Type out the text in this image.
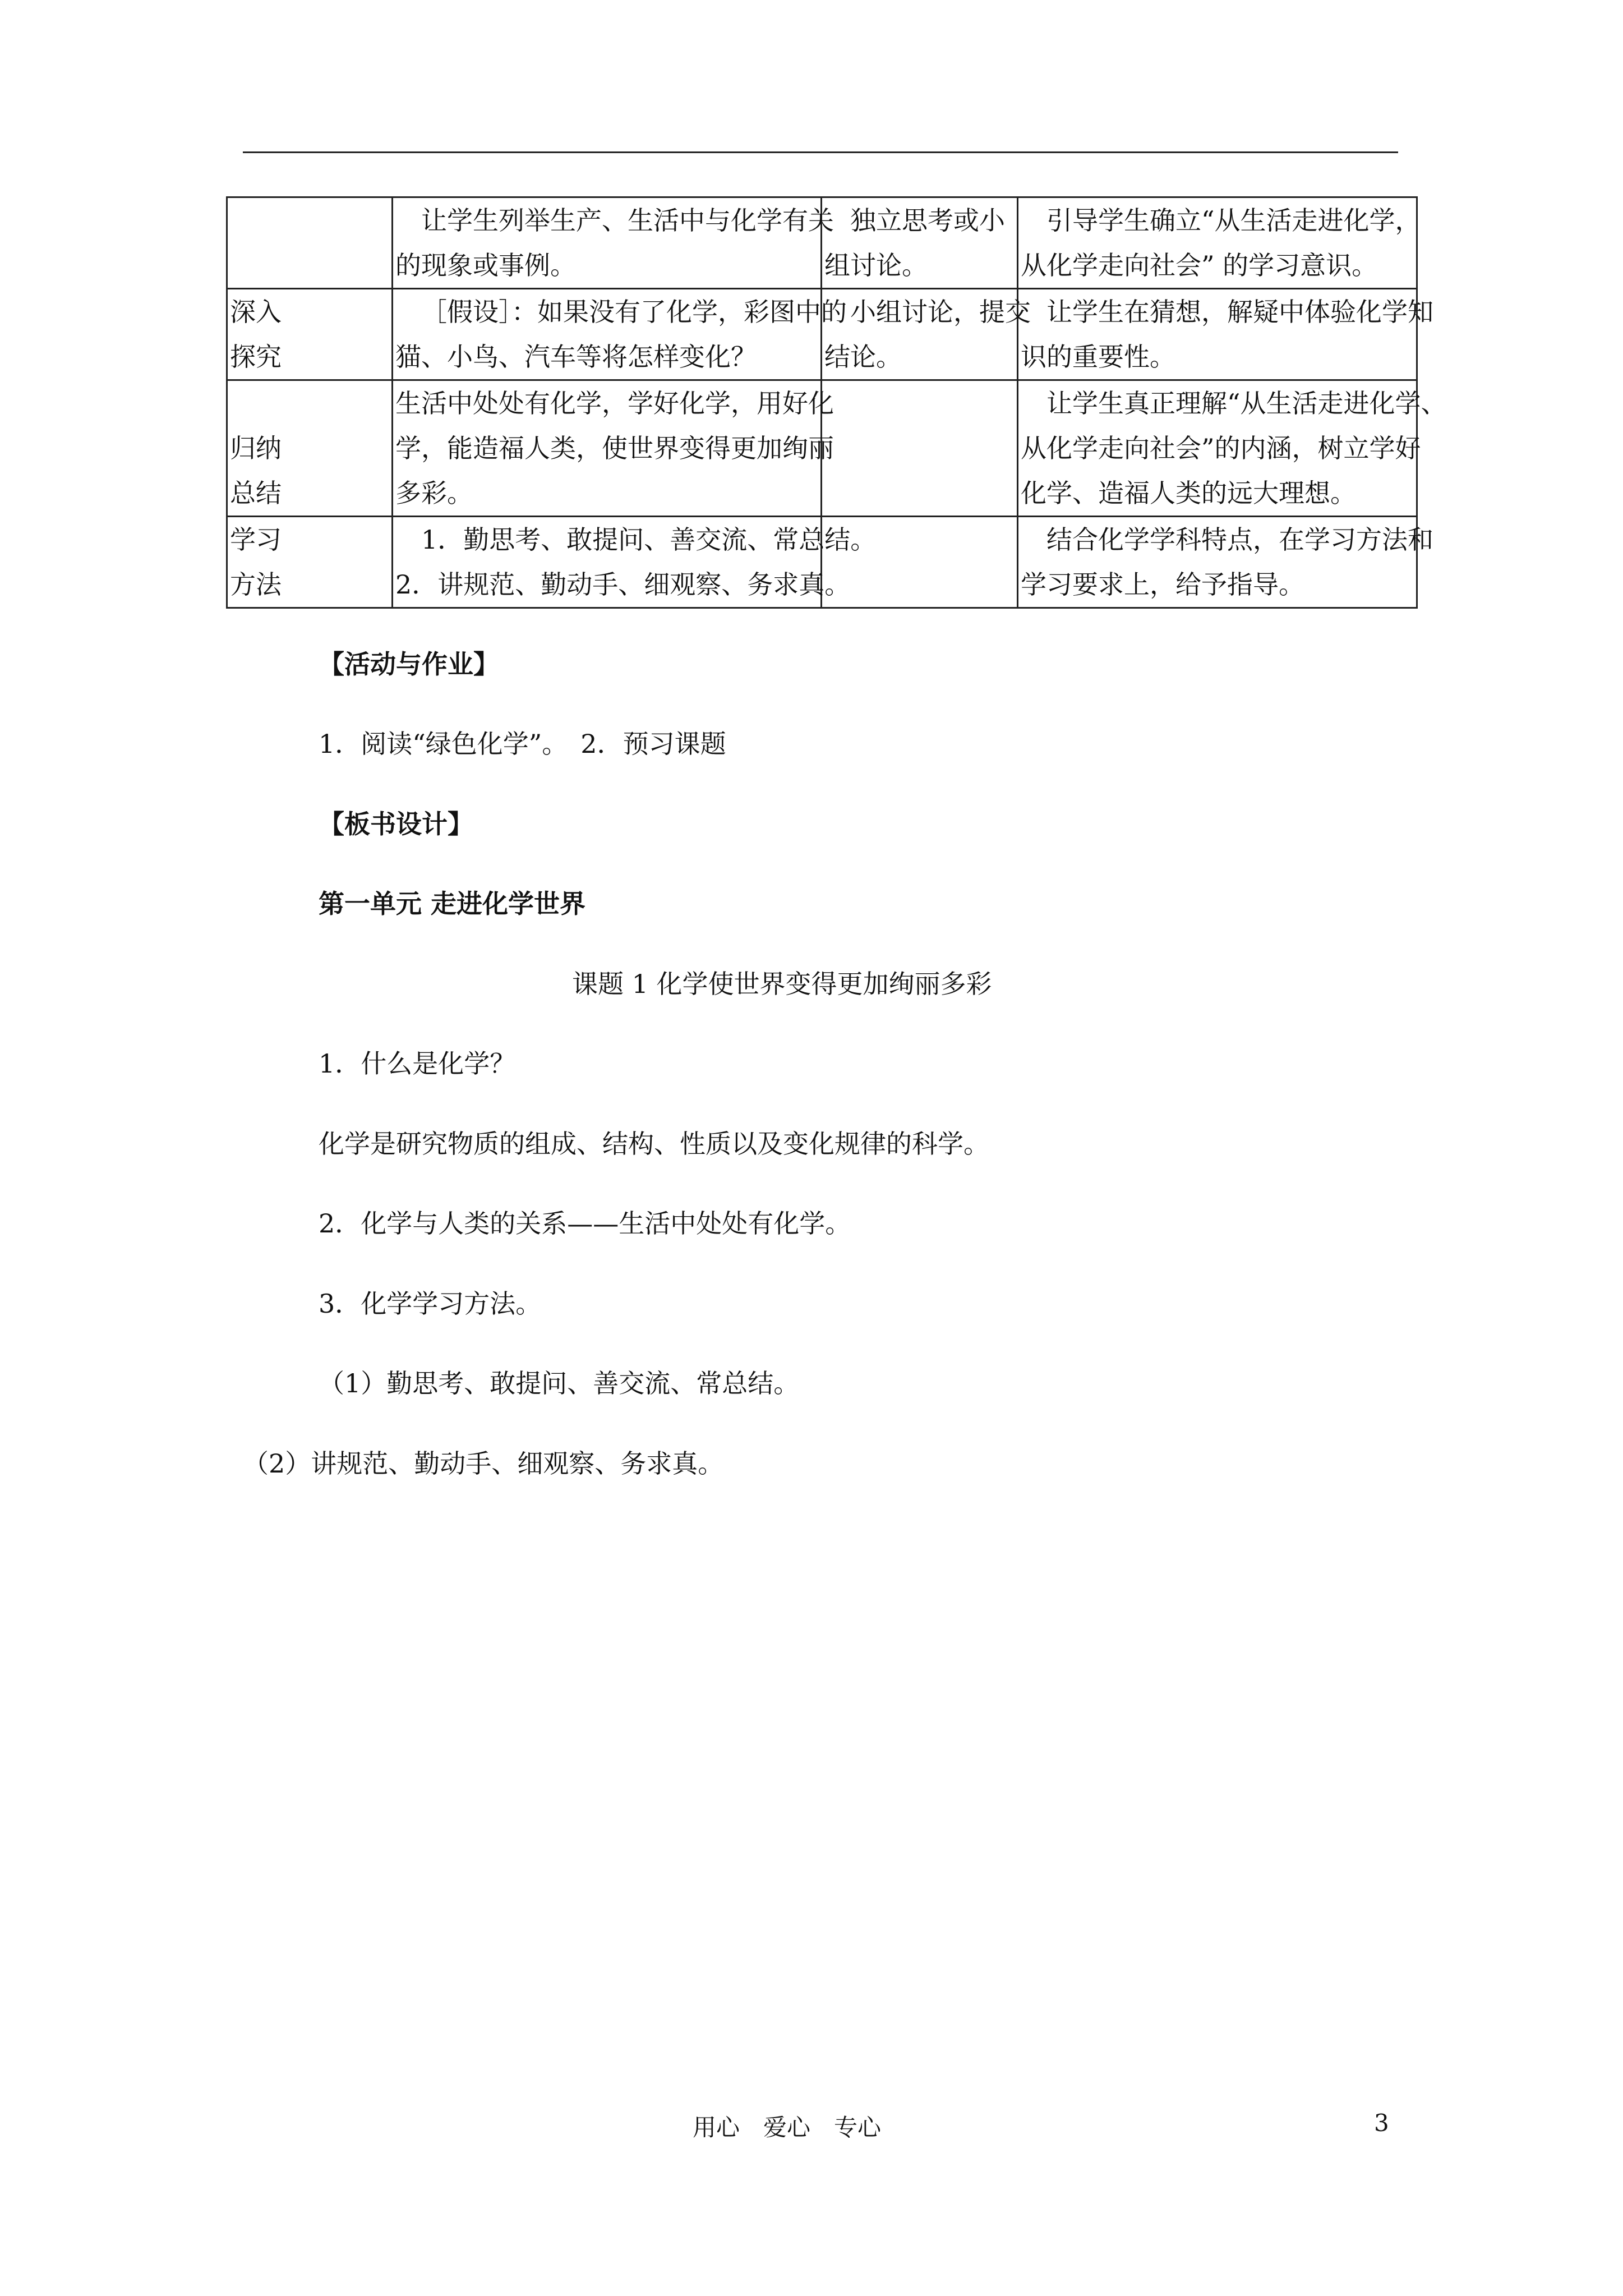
	让学生列举生产、生活中与化学有关
的现象或事例。	独立思考或小
组讨论。	引导学生确立“从生活走进化学，
从化学走向社会” 的学习意识。

深入
探究	［假设］：如果没有了化学，彩图中的
猫、小鸟、汽车等将怎样变化？	小组讨论，提交
结论。	让学生在猜想，解疑中体验化学知
识的重要性。

归纳
总结	生活中处处有化学，学好化学，用好化
学，能造福人类，使世界变得更加绚丽
多彩。		让学生真正理解“从生活走进化学、
从化学走向社会”的内涵，树立学好
化学、造福人类的远大理想。

学习
方法	1．勤思考、敢提问、善交流、常总结。
2．讲规范、勤动手、细观察、务求真。		结合化学学科特点，在学习方法和
学习要求上，给予指导。
【活动与作业】
1．阅读“绿色化学”。　2．预习课题
【板书设计】
第一单元 走进化学世界
课题 1 化学使世界变得更加绚丽多彩
1．什么是化学？
化学是研究物质的组成、结构、性质以及变化规律的科学。
2．化学与人类的关系——生活中处处有化学。
3．化学学习方法。
（1）勤思考、敢提问、善交流、常总结。
（2）讲规范、勤动手、细观察、务求真。
用心　爱心　专心	3
